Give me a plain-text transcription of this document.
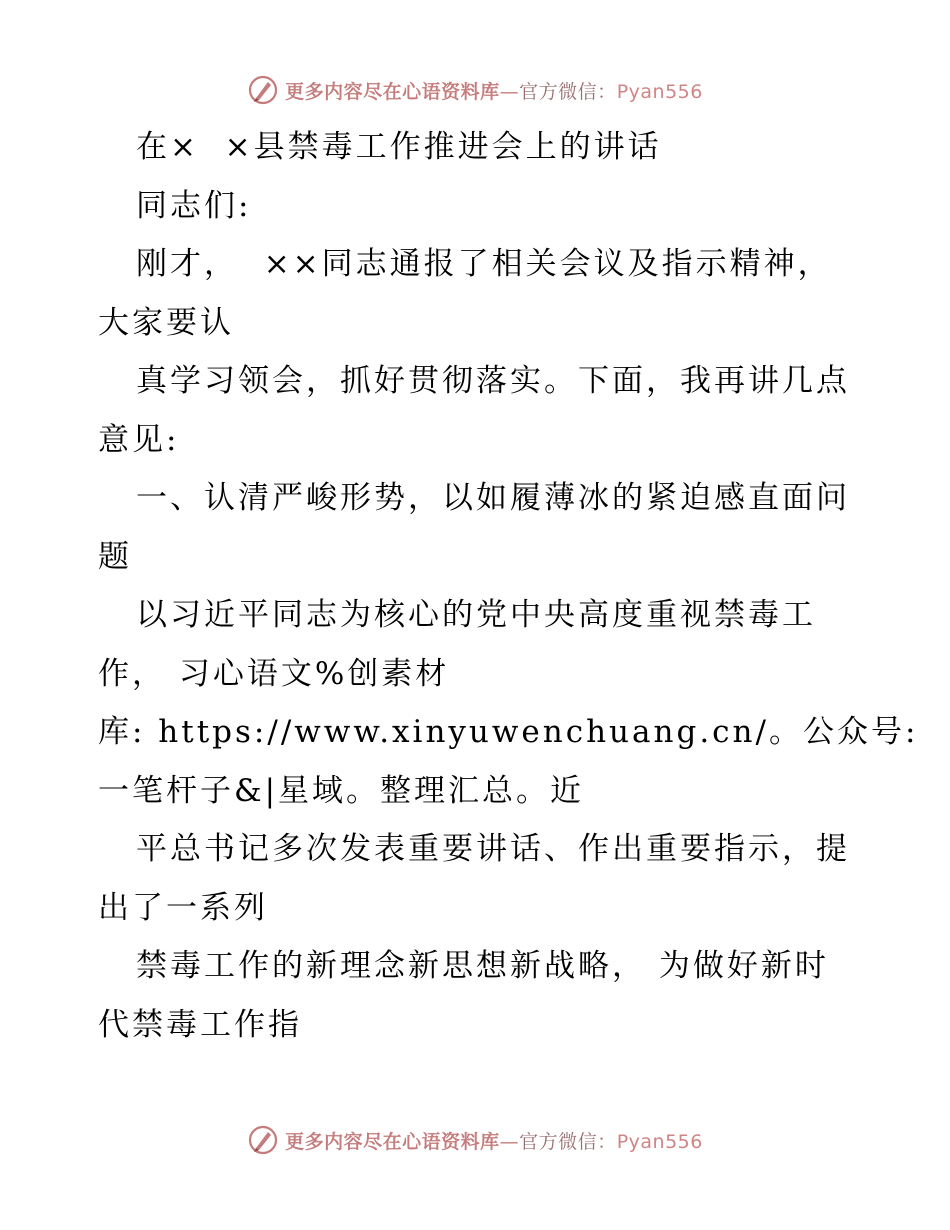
更多内容尽在心语资料库—官方微信：Pyan556
在×  ×县禁毒工作推进会上的讲话
同志们:
刚才，  ××同志通报了相关会议及指示精神，
大家要认
真学习领会，抓好贯彻落实。下面，我再讲几点
意见:
一、认清严峻形势，以如履薄冰的紧迫感直面问
题
以习近平同志为核心的党中央高度重视禁毒工
作， 习心语文%创素材
库: https://www.xinyuwenchuang.cn/。公众号:
一笔杆子&|星域。整理汇总。近
平总书记多次发表重要讲话、作出重要指示，提
出了一系列
禁毒工作的新理念新思想新战略， 为做好新时
代禁毒工作指
更多内容尽在心语资料库—官方微信：Pyan556
